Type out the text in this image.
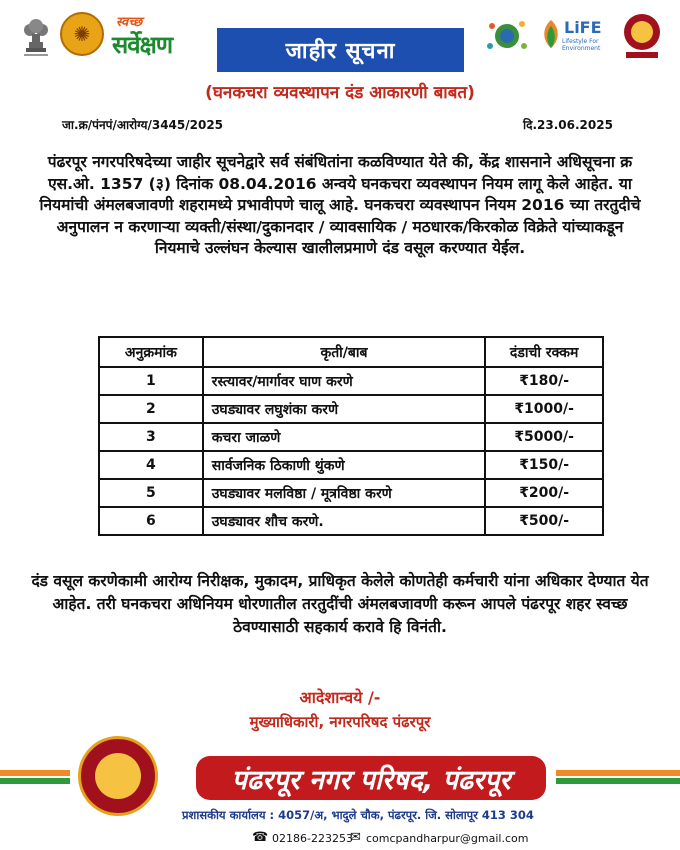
✺	स्वच्छ
सर्वेक्षण	जाहीर सूचना
LiFE
Lifestyle For Environment
(घनकचरा व्यवस्थापन दंड आकारणी बाबत)
जा.क्र/पंनपं/आरोग्य/3445/2025	दि.23.06.2025

पंढरपूर नगरपरिषदेच्या जाहीर सूचनेद्वारे सर्व संबंधितांना कळविण्यात येते की, केंद्र शासनाने अधिसूचना क्र एस.ओ. 1357 (३) दिनांक 08.04.2016 अन्वये घनकचरा व्यवस्थापन नियम लागू केले आहेत. या नियमांची अंमलबजावणी शहरामध्ये प्रभावीपणे चालू आहे. घनकचरा व्यवस्थापन नियम 2016 च्या तरतुदीचे अनुपालन न करणाऱ्या व्यक्ती/संस्था/दुकानदार / व्यावसायिक / मठधारक/किरकोळ विक्रेते यांच्याकडून नियमाचे उल्लंघन केल्यास खालीलप्रमाणे दंड वसूल करण्यात येईल.

अनुक्रमांक	कृती/बाब	दंडाची रक्कम
1	रस्त्यावर/मार्गावर घाण करणे	₹180/-
2	उघड्यावर लघुशंका करणे	₹1000/-
3	कचरा जाळणे	₹5000/-
4	सार्वजनिक ठिकाणी थुंकणे	₹150/-
5	उघड्यावर मलविष्ठा / मूत्रविष्ठा करणे	₹200/-
6	उघड्यावर शौच करणे.	₹500/-

दंड वसूल करणेकामी आरोग्य निरीक्षक, मुकादम, प्राधिकृत केलेले कोणतेही कर्मचारी यांना अधिकार देण्यात येत आहेत. तरी घनकचरा अधिनियम धोरणातील तरतुदींची अंमलबजावणी करून आपले पंढरपूर शहर स्वच्छ ठेवण्यासाठी सहकार्य करावे हि विनंती.

आदेशान्वये /-
मुख्याधिकारी, नगरपरिषद पंढरपूर
पंढरपूर नगर परिषद, पंढरपूर
प्रशासकीय कार्यालय : 4057/अ, भादुले चौक, पंढरपूर. जि. सोलापूर 413 304
☎ 02186-223253
✉ comcpandharpur@gmail.com
